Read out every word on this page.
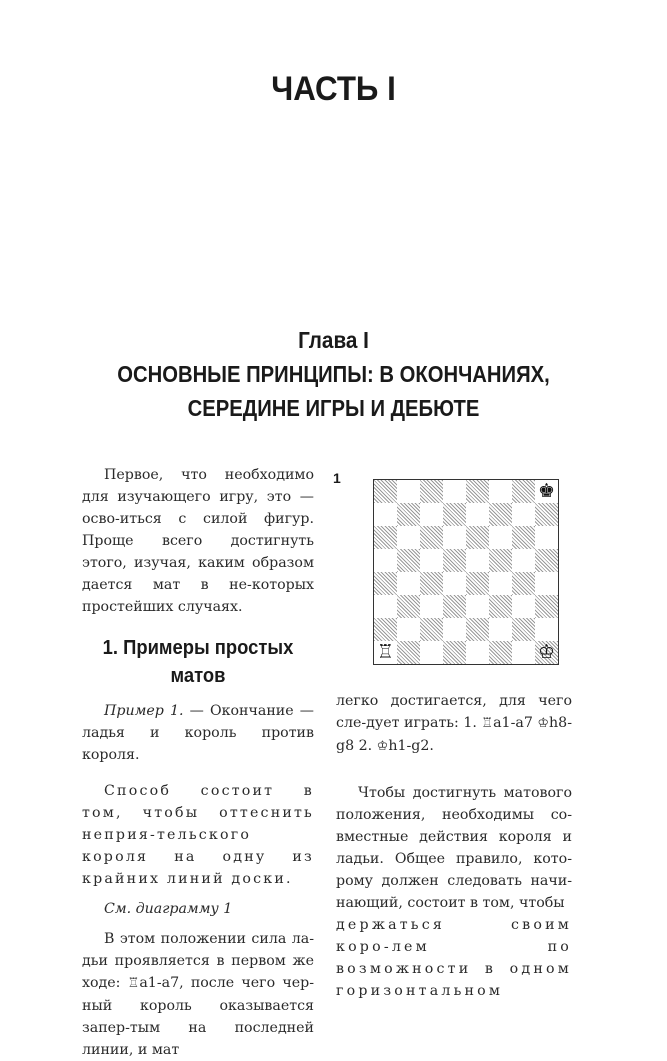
ЧАСТЬ I
Глава I
ОСНОВНЫЕ ПРИНЦИПЫ: В ОКОНЧАНИЯХ,
СЕРЕДИНЕ ИГРЫ И ДЕБЮТЕ

Первое, что необходимо для изучающего игру, это — осво-иться с силой фигур. Проще всего достигнуть этого, изучая, каким образом дается мат в не-которых простейших случаях.

1. Примеры простых
матов

Пример 1. — Окончание — ладья и король против короля.

Способ состоит в том, чтобы оттеснить неприя-тельского короля на одну из крайних линий доски.

См. диаграмму 1

В этом положении сила ла-дьи проявляется в первом же ходе: ♖a1-a7, после чего чер-ный король оказывается запер-тым на последней линии, и мат

1
♚
♖	♔

легко достигается, для чего сле-дует играть: 1. ♖a1-a7 ♔h8-g8 2. ♔h1-g2.

Чтобы достигнуть матового положения, необходимы со-вместные действия короля и ладьи. Общее правило, кото-рому должен следовать начи-нающий, состоит в том, чтобы

держаться своим коро-лем по возможности в одном горизонтальном
